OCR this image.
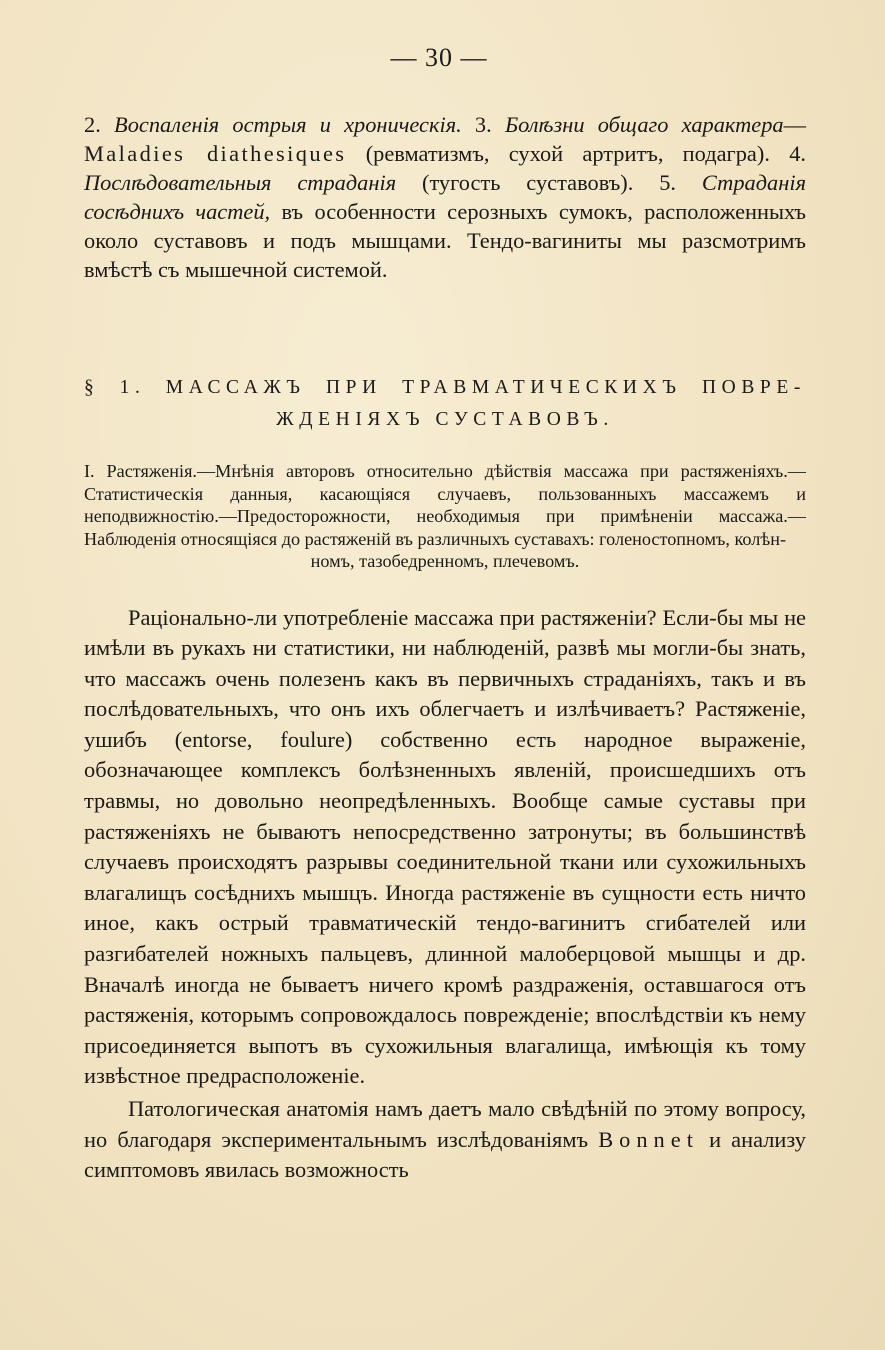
— 30 —

2. Воспаленія острыя и хроническія. 3. Болѣзни общаго характера—Maladies diathesiques (ревматизмъ, сухой артритъ, подагра). 4. Послѣдовательныя страданія (тугость суставовъ). 5. Страданія сосѣднихъ частей, въ особенности серозныхъ сумокъ, расположенныхъ около суставовъ и подъ мышцами. Тендо-вагиниты мы разсмотримъ вмѣстѣ съ мышечной системой.

§ 1. МАССАЖЪ ПРИ ТРАВМАТИЧЕСКИХЪ ПОВРЕ-
ЖДЕНІЯХЪ СУСТАВОВЪ.
I. Растяженія.—Мнѣнія авторовъ относительно дѣйствія массажа при растяженіяхъ.—Статистическія данныя, касающіяся случаевъ, пользованныхъ массажемъ и неподвижностію.—Предосторожности, необходимыя при примѣненіи массажа.—Наблюденія относящіяся до растяженій въ различныхъ суставахъ: голеностопномъ, колѣн-
номъ, тазобедренномъ, плечевомъ.

Раціонально-ли употребленіе массажа при растяженіи? Если-бы мы не имѣли въ рукахъ ни статистики, ни наблюденій, развѣ мы могли-бы знать, что массажъ очень полезенъ какъ въ первичныхъ страданіяхъ, такъ и въ послѣдовательныхъ, что онъ ихъ облегчаетъ и излѣчиваетъ? Растяженіе, ушибъ (entorse, foulure) собственно есть народное выраженіе, обозначающее комплексъ болѣзненныхъ явленій, происшедшихъ отъ травмы, но довольно неопредѣленныхъ. Вообще самые суставы при растяженіяхъ не бываютъ непосредственно затронуты; въ большинствѣ случаевъ происходятъ разрывы соединительной ткани или сухожильныхъ влагалищъ сосѣднихъ мышцъ. Иногда растяженіе въ сущности есть ничто иное, какъ острый травматическій тендо-вагинитъ сгибателей или разгибателей ножныхъ пальцевъ, длинной малоберцовой мышцы и др. Вначалѣ иногда не бываетъ ничего кромѣ раздраженія, оставшагося отъ растяженія, которымъ сопровождалось поврежденіе; впослѣдствіи къ нему присоединяется выпотъ въ сухожильныя влагалища, имѣющія къ тому извѣстное предрасположеніе.

Патологическая анатомія намъ даетъ мало свѣдѣній по этому вопросу, но благодаря экспериментальнымъ изслѣдованіямъ Bonnet и анализу симптомовъ явилась возможность
